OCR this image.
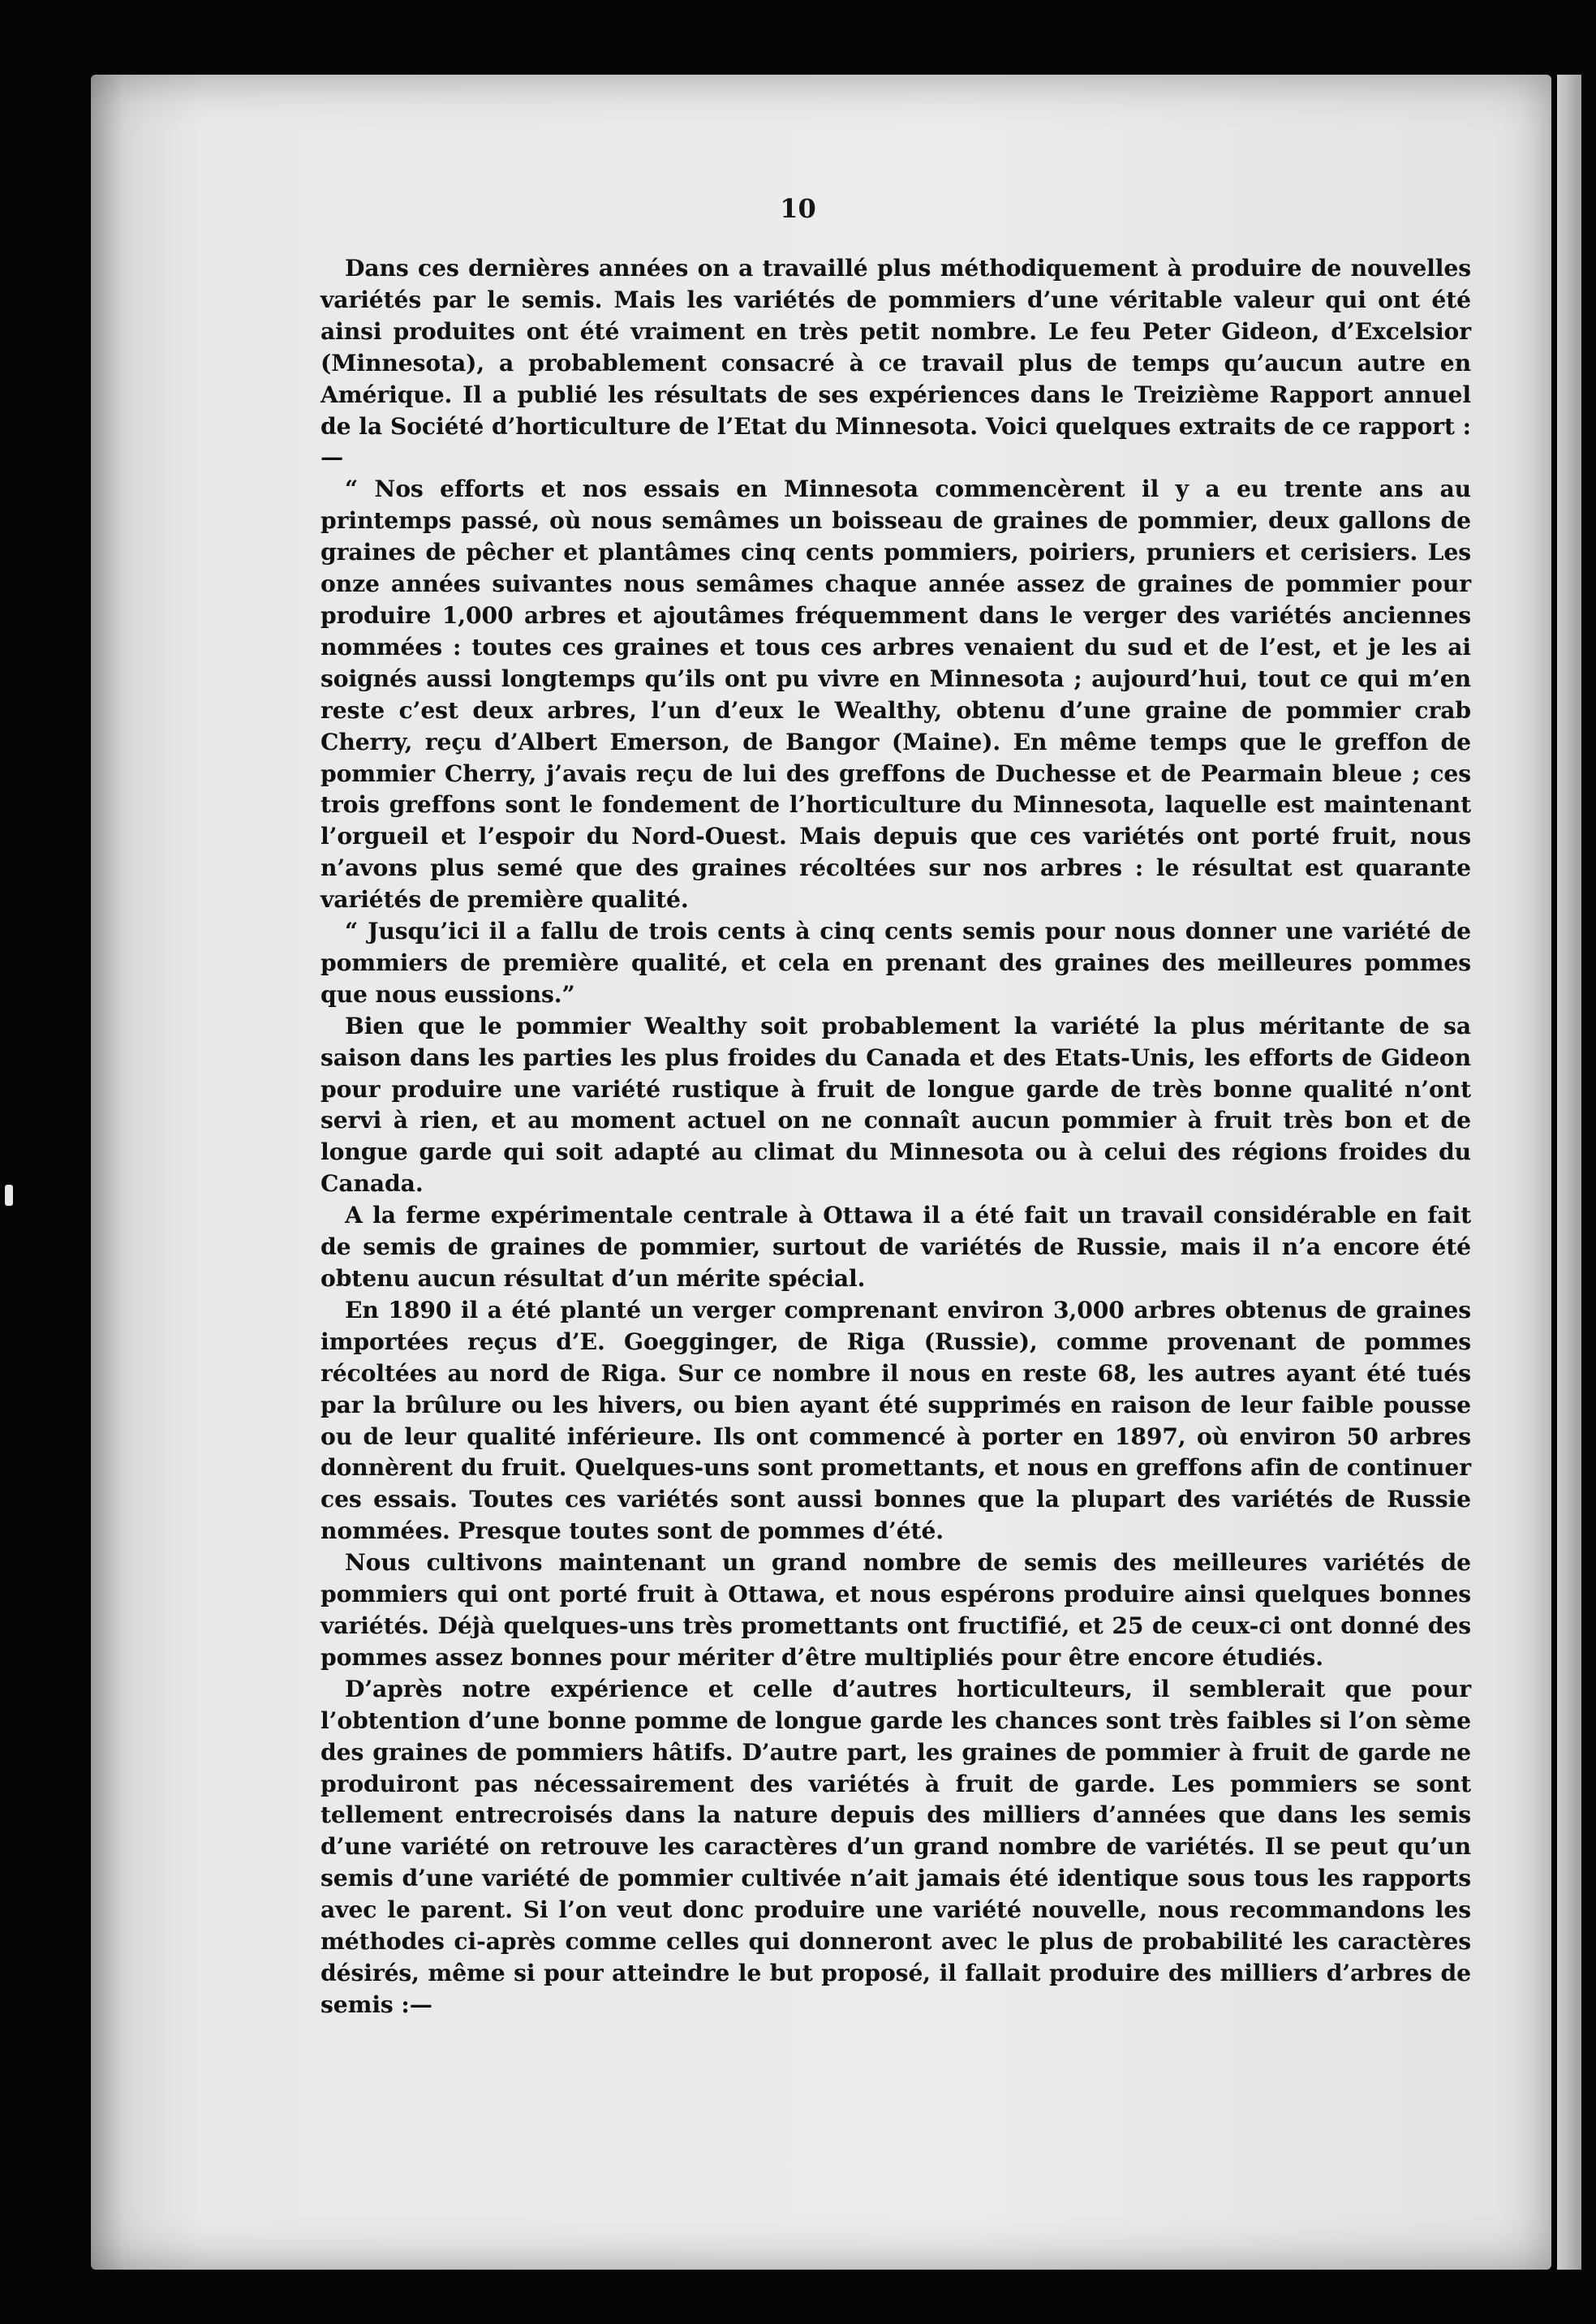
10

Dans ces dernières années on a travaillé plus méthodiquement à produire de nouvelles variétés par le semis. Mais les variétés de pommiers d’une véritable valeur qui ont été ainsi produites ont été vraiment en très petit nombre. Le feu Peter Gideon, d’Excelsior (Minnesota), a probablement consacré à ce travail plus de temps qu’aucun autre en Amérique. Il a publié les résultats de ses expériences dans le Treizième Rapport annuel de la Société d’horticulture de l’Etat du Minnesota. Voici quelques extraits de ce rapport :—

“ Nos efforts et nos essais en Minnesota commencèrent il y a eu trente ans au printemps passé, où nous semâmes un boisseau de graines de pommier, deux gallons de graines de pêcher et plantâmes cinq cents pommiers, poiriers, pruniers et cerisiers. Les onze années suivantes nous semâmes chaque année assez de graines de pommier pour produire 1,000 arbres et ajoutâmes fréquemment dans le verger des variétés anciennes nommées : toutes ces graines et tous ces arbres venaient du sud et de l’est, et je les ai soignés aussi longtemps qu’ils ont pu vivre en Minnesota ; aujourd’hui, tout ce qui m’en reste c’est deux arbres, l’un d’eux le Wealthy, obtenu d’une graine de pommier crab Cherry, reçu d’Albert Emerson, de Bangor (Maine). En même temps que le greffon de pommier Cherry, j’avais reçu de lui des greffons de Duchesse et de Pearmain bleue ; ces trois greffons sont le fondement de l’horticulture du Minnesota, laquelle est maintenant l’orgueil et l’espoir du Nord-Ouest. Mais depuis que ces variétés ont porté fruit, nous n’avons plus semé que des graines récoltées sur nos arbres : le résultat est quarante variétés de première qualité.

“ Jusqu’ici il a fallu de trois cents à cinq cents semis pour nous donner une variété de pommiers de première qualité, et cela en prenant des graines des meilleures pommes que nous eussions.”

Bien que le pommier Wealthy soit probablement la variété la plus méritante de sa saison dans les parties les plus froides du Canada et des Etats-Unis, les efforts de Gideon pour produire une variété rustique à fruit de longue garde de très bonne qualité n’ont servi à rien, et au moment actuel on ne connaît aucun pommier à fruit très bon et de longue garde qui soit adapté au climat du Minnesota ou à celui des régions froides du Canada.

A la ferme expérimentale centrale à Ottawa il a été fait un travail considérable en fait de semis de graines de pommier, surtout de variétés de Russie, mais il n’a encore été obtenu aucun résultat d’un mérite spécial.

En 1890 il a été planté un verger comprenant environ 3,000 arbres obtenus de graines importées reçus d’E. Goegginger, de Riga (Russie), comme provenant de pommes récoltées au nord de Riga. Sur ce nombre il nous en reste 68, les autres ayant été tués par la brûlure ou les hivers, ou bien ayant été supprimés en raison de leur faible pousse ou de leur qualité inférieure. Ils ont commencé à porter en 1897, où environ 50 arbres donnèrent du fruit. Quelques-uns sont promettants, et nous en greffons afin de continuer ces essais. Toutes ces variétés sont aussi bonnes que la plupart des variétés de Russie nommées. Presque toutes sont de pommes d’été.

Nous cultivons maintenant un grand nombre de semis des meilleures variétés de pommiers qui ont porté fruit à Ottawa, et nous espérons produire ainsi quelques bonnes variétés. Déjà quelques-uns très promettants ont fructifié, et 25 de ceux-ci ont donné des pommes assez bonnes pour mériter d’être multipliés pour être encore étudiés.

D’après notre expérience et celle d’autres horticulteurs, il semblerait que pour l’obtention d’une bonne pomme de longue garde les chances sont très faibles si l’on sème des graines de pommiers hâtifs. D’autre part, les graines de pommier à fruit de garde ne produiront pas nécessairement des variétés à fruit de garde. Les pommiers se sont tellement entrecroisés dans la nature depuis des milliers d’années que dans les semis d’une variété on retrouve les caractères d’un grand nombre de variétés. Il se peut qu’un semis d’une variété de pommier cultivée n’ait jamais été identique sous tous les rapports avec le parent. Si l’on veut donc produire une variété nouvelle, nous recommandons les méthodes ci-après comme celles qui donneront avec le plus de probabilité les caractères désirés, même si pour atteindre le but proposé, il fallait produire des milliers d’arbres de semis :—
